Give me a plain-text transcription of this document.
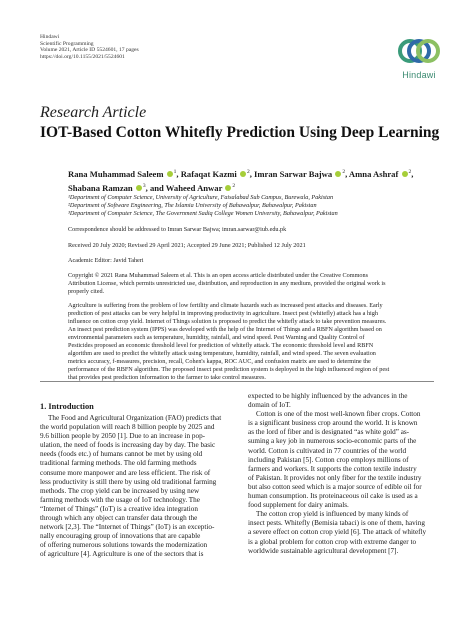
Hindawi
Scientific Programming
Volume 2021, Article ID 5524601, 17 pages
https://doi.org/10.1155/2021/5524601
Hindawi
Research Article
IOT-Based Cotton Whitefly Prediction Using Deep Learning
Rana Muhammad Saleem $^1$, Rafaqat Kazmi $^2$, Imran Sarwar Bajwa $^2$, Amna Ashraf $^2$,
Shabana Ramzan $^3$, and Waheed Anwar $^2$
¹Department of Computer Science, University of Agriculture, Faisalabad Sub Campus, Burewala, Pakistan
²Department of Software Engineering, The Islamia University of Bahawalpur, Bahawalpur, Pakistan
³Department of Computer Science, The Government Sadiq College Women University, Bahawalpur, Pakistan
Correspondence should be addressed to Imran Sarwar Bajwa; imran.sarwar@iub.edu.pk
Received 20 July 2020; Revised 29 April 2021; Accepted 29 June 2021; Published 12 July 2021
Academic Editor: Javid Taheri
Copyright © 2021 Rana Muhammad Saleem et al. This is an open access article distributed under the Creative Commons
Attribution License, which permits unrestricted use, distribution, and reproduction in any medium, provided the original work is
properly cited.
Agriculture is suffering from the problem of low fertility and climate hazards such as increased pest attacks and diseases. Early
prediction of pest attacks can be very helpful in improving productivity in agriculture. Insect pest (whitefly) attack has a high
influence on cotton crop yield. Internet of Things solution is proposed to predict the whitefly attack to take prevention measures.
An insect pest prediction system (IPPS) was developed with the help of the Internet of Things and a RBFN algorithm based on
environmental parameters such as temperature, humidity, rainfall, and wind speed. Pest Warning and Quality Control of
Pesticides proposed an economic threshold level for prediction of whitefly attack. The economic threshold level and RBFN
algorithm are used to predict the whitefly attack using temperature, humidity, rainfall, and wind speed. The seven evaluation
metrics accuracy, f-measures, precision, recall, Cohen's kappa, ROC AUC, and confusion matrix are used to determine the
performance of the RBFN algorithm. The proposed insect pest prediction system is deployed in the high influenced region of pest
that provides pest prediction information to the farmer to take control measures.
1. Introduction
The Food and Agricultural Organization (FAO) predicts that
the world population will reach 8 billion people by 2025 and
9.6 billion people by 2050 [1]. Due to an increase in pop-
ulation, the need of foods is increasing day by day. The basic
needs (foods etc.) of humans cannot be met by using old
traditional farming methods. The old farming methods
consume more manpower and are less efficient. The risk of
less productivity is still there by using old traditional farming
methods. The crop yield can be increased by using new
farming methods with the usage of IoT technology. The
“Internet of Things” (IoT) is a creative idea integration
through which any object can transfer data through the
network [2,3]. The “Internet of Things” (IoT) is an exceptio-
nally encouraging group of innovations that are capable
of offering numerous solutions towards the modernization
of agriculture [4]. Agriculture is one of the sectors that is
expected to be highly influenced by the advances in the
domain of IoT.
Cotton is one of the most well-known fiber crops. Cotton
is a significant business crop around the world. It is known
as the lord of fiber and is designated “as white gold” as-
suming a key job in numerous socio-economic parts of the
world. Cotton is cultivated in 77 countries of the world
including Pakistan [5]. Cotton crop employs millions of
farmers and workers. It supports the cotton textile industry
of Pakistan. It provides not only fiber for the textile industry
but also cotton seed which is a major source of edible oil for
human consumption. Its proteinaceous oil cake is used as a
food supplement for dairy animals.
The cotton crop yield is influenced by many kinds of
insect pests. Whitefly (Bemisia tabaci) is one of them, having
a severe effect on cotton crop yield [6]. The attack of whitefly
is a global problem for cotton crop with extreme danger to
worldwide sustainable agricultural development [7].
